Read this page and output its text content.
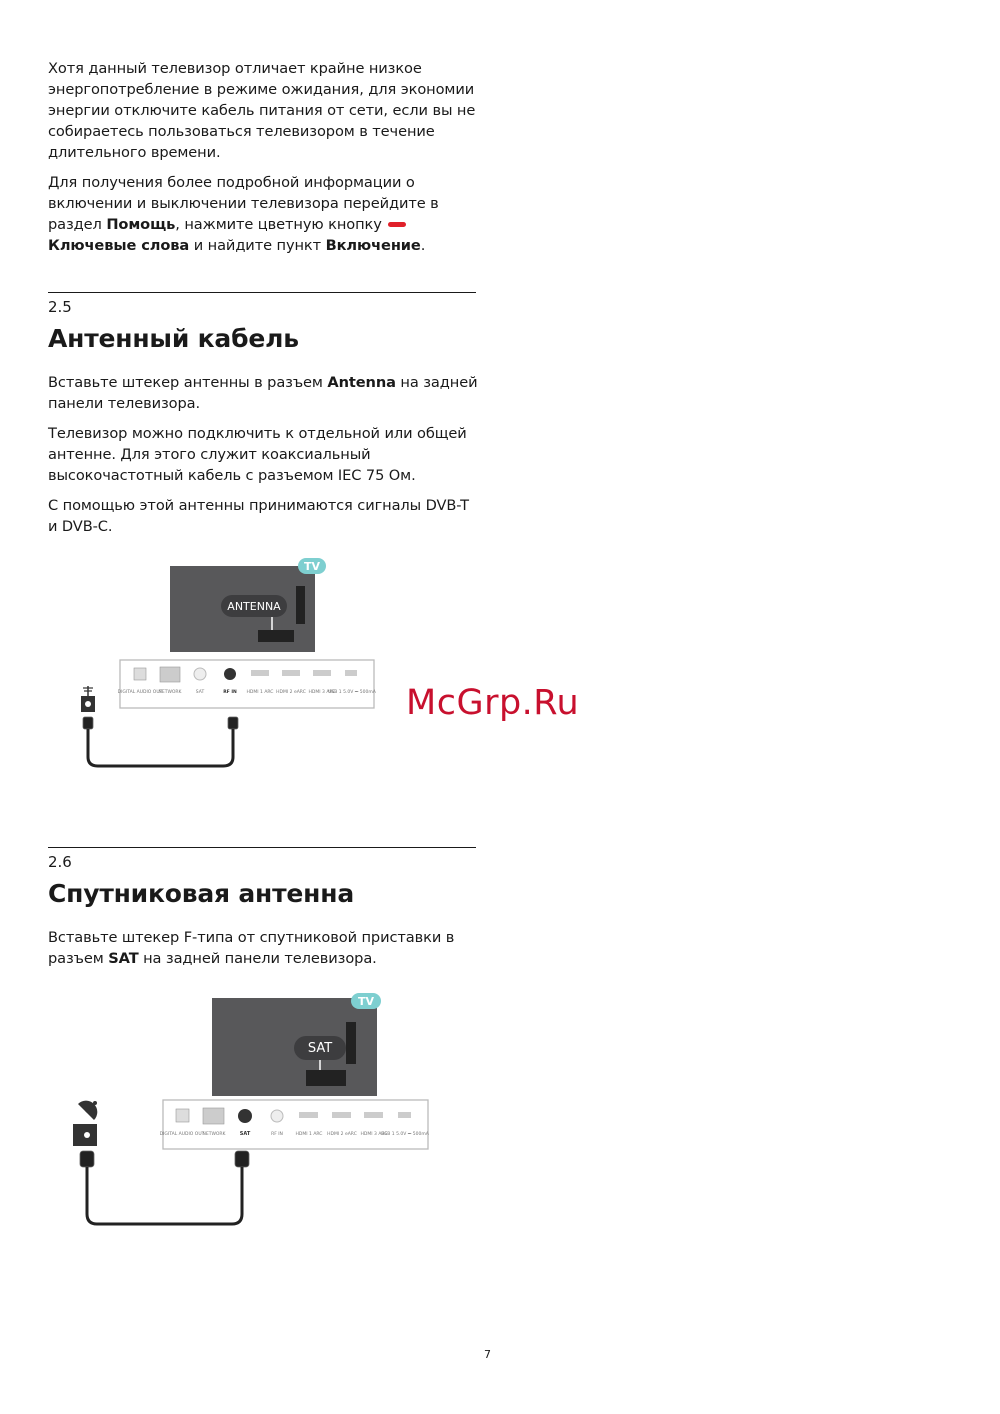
Хотя данный телевизор отличает крайне низкое энергопотребление в режиме ожидания, для экономии энергии отключите кабель питания от сети, если вы не собираетесь пользоваться телевизором в течение длительного времени.

Для получения более подробной информации о включении и выключении телевизора перейдите в раздел Помощь, нажмите цветную кнопку Ключевые слова и найдите пункт Включение.

2.5
Антенный кабель

Вставьте штекер антенны в разъем Antenna на задней панели телевизора.

Телевизор можно подключить к отдельной или общей антенне. Для этого служит коаксиальный высокочастотный кабель с разъемом IEC 75 Ом.

С помощью этой антенны принимаются сигналы DVB-T и DVB-C.

TV
ANTENNA
DIGITAL AUDIO OUT
NETWORK	SAT	RF IN HDMI 1 ARC HDMI 2 eARC HDMI 3 ARC
USB 1 5.0V ⎓ 500mA
2.6
Спутниковая антенна

Вставьте штекер F-типа от спутниковой приставки в разъем SAT на задней панели телевизора.

TV
SAT
DIGITAL AUDIO OUT
NETWORK	SAT	RF IN	HDMI 1 ARC HDMI 2 eARC HDMI 3 ARC
USB 1 5.0V ⎓ 500mA
McGrp.Ru
7
